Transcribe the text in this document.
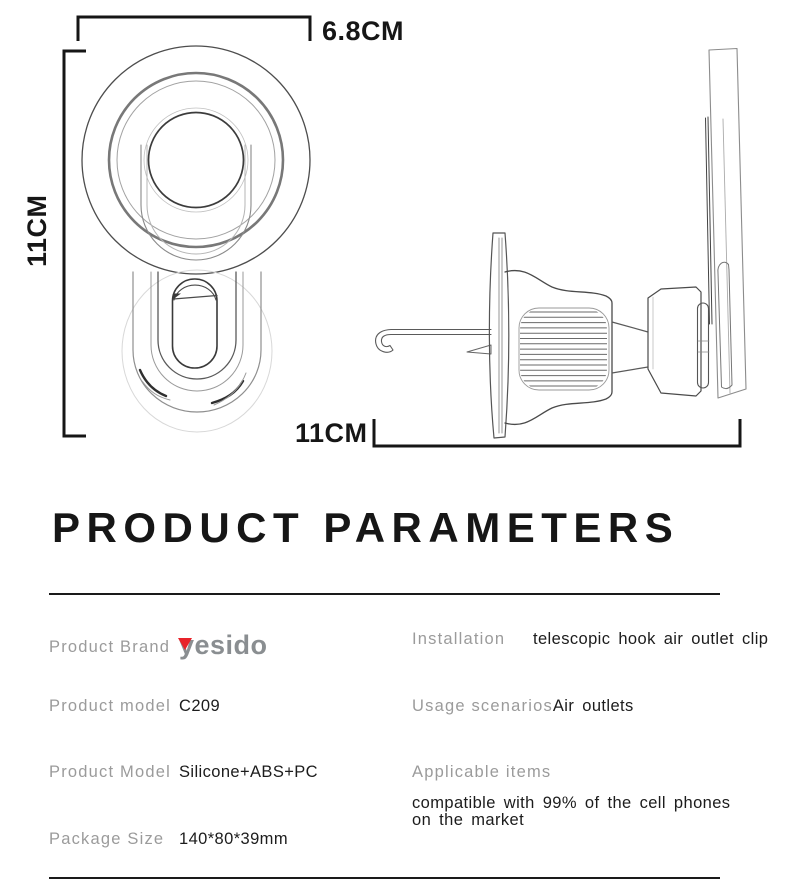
6.8CM
11CM
11CM
PRODUCT PARAMETERS
Product Brand yesido
Product model C209
Product Model Silicone+ABS+PC
Package Size 140*80*39mm
Installation	telescopic hook air outlet clip
Usage scenarios Air outlets
Applicable items
compatible with 99% of the cell phones on the market
